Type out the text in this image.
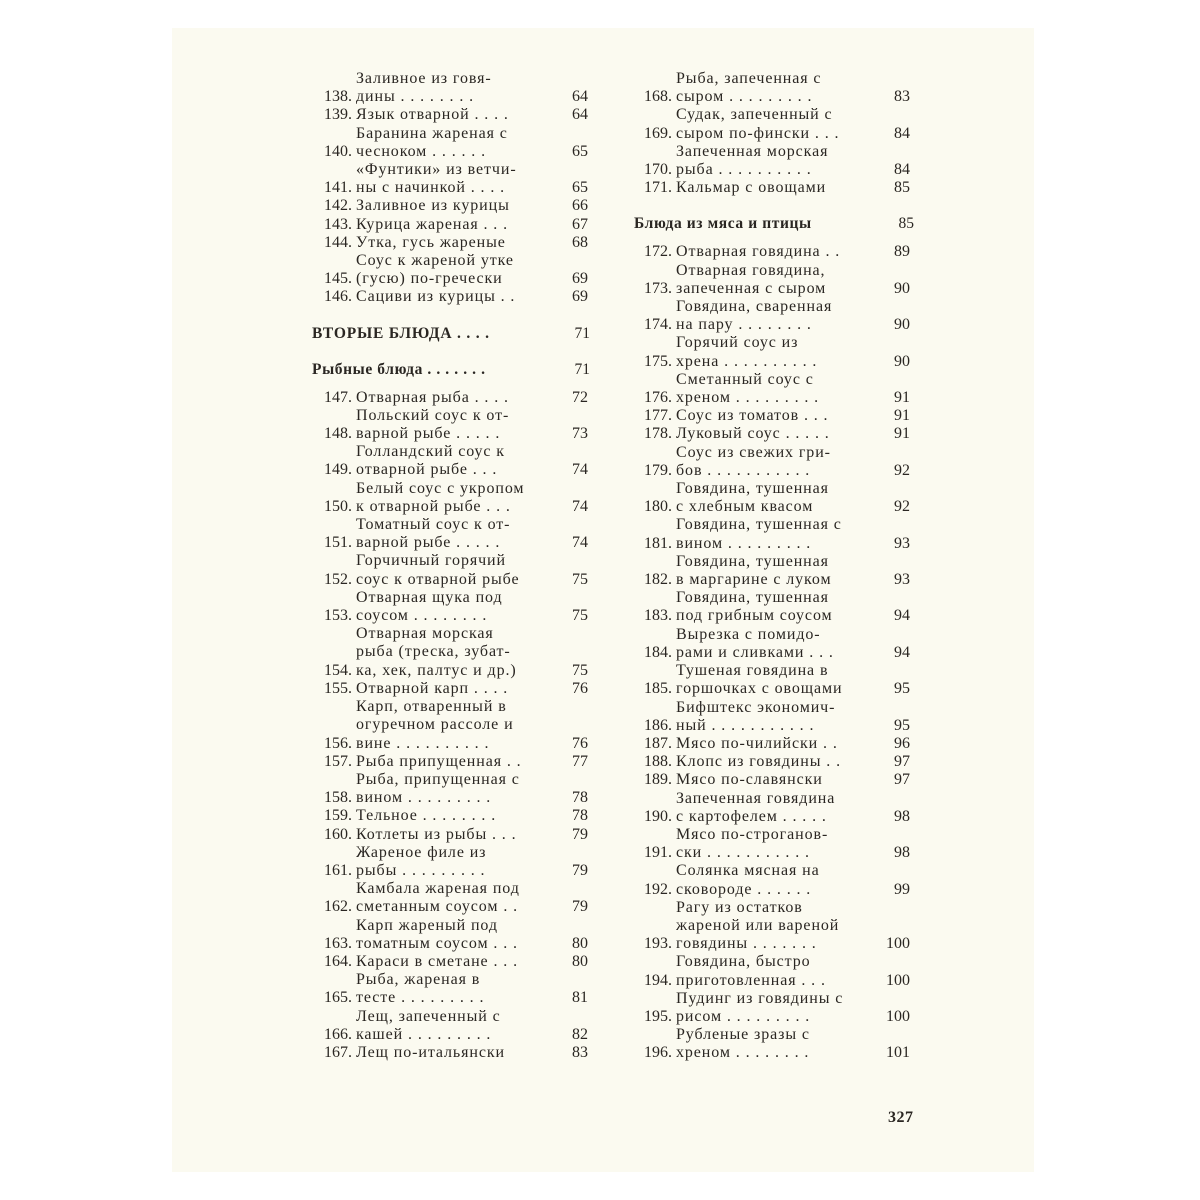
138.
Заливное из говя-
дины . . . . . . . .	64
139. Язык отварной . . . .	64
140.
Баранина жареная с
чесноком . . . . . .	65
141.
«Фунтики» из ветчи-
ны с начинкой . . . .	65
142. Заливное из курицы	66
143. Курица жареная . . .	67
144. Утка, гусь жареные	68
145.
Соус к жареной утке
(гусю) по-гречески	69
146. Сациви из курицы . .	69
ВТОРЫЕ БЛЮДА . . . .	71
Рыбные блюда . . . . . . .	71
147. Отварная рыба . . . .	72
148.
Польский соус к от-
варной рыбе . . . . .	73
149.
Голландский соус к
отварной рыбе . . .	74
150.
Белый соус с укропом
к отварной рыбе . . .	74
151.
Томатный соус к от-
варной рыбе . . . . .	74
152.
Горчичный горячий
соус к отварной рыбе	75
153.
Отварная щука под
соусом . . . . . . . .	75
154.
Отварная морская
рыба (треска, зубат-
ка, хек, палтус и др.)	75
155. Отварной карп . . . .	76
156.
Карп, отваренный в
огуречном рассоле и
вине . . . . . . . . . .	76
157. Рыба припущенная . .	77
158.
Рыба, припущенная с
вином . . . . . . . . .	78
159. Тельное . . . . . . . .	78
160. Котлеты из рыбы . . .	79
161.
Жареное филе из
рыбы . . . . . . . . .	79
162.
Камбала жареная под
сметанным соусом . .	79
163.
Карп жареный под
томатным соусом . . .	80
164. Караси в сметане . . .	80
165.
Рыба, жареная в
тесте . . . . . . . . .	81
166.
Лещ, запеченный с
кашей . . . . . . . . .	82
167. Лещ по-итальянски	83
168.
Рыба, запеченная с
сыром . . . . . . . . .	83
169.
Судак, запеченный с
сыром по-фински . . .	84
170.
Запеченная морская
рыба . . . . . . . . . .	84
171. Кальмар с овощами	85
Блюда из мяса и птицы	85
172. Отварная говядина . .	89
173.
Отварная говядина,
запеченная с сыром	90
174.
Говядина, сваренная
на пару . . . . . . . .	90
175.
Горячий соус из
хрена . . . . . . . . . .	90
176.
Сметанный соус с
хреном . . . . . . . . .	91
177. Соус из томатов . . .	91
178. Луковый соус . . . . .	91
179.
Соус из свежих гри-
бов . . . . . . . . . . .	92
180.
Говядина, тушенная
с хлебным квасом	92
181.
Говядина, тушенная с
вином . . . . . . . . .	93
182.
Говядина, тушенная
в маргарине с луком	93
183.
Говядина, тушенная
под грибным соусом	94
184.
Вырезка с помидо-
рами и сливками . . .	94
185.
Тушеная говядина в
горшочках с овощами	95
186.
Бифштекс экономич-
ный . . . . . . . . . . .	95
187. Мясо по-чилийски . .	96
188. Клопс из говядины . .	97
189. Мясо по-славянски	97
190.
Запеченная говядина
с картофелем . . . . .	98
191.
Мясо по-строганов-
ски . . . . . . . . . . .	98
192.
Солянка мясная на
сковороде . . . . . .	99
193.
Рагу из остатков
жареной или вареной
говядины . . . . . . .	100
194.
Говядина, быстро
приготовленная . . .	100
195.
Пудинг из говядины с
рисом . . . . . . . . .	100
196.
Рубленые зразы с
хреном . . . . . . . .	101
327
